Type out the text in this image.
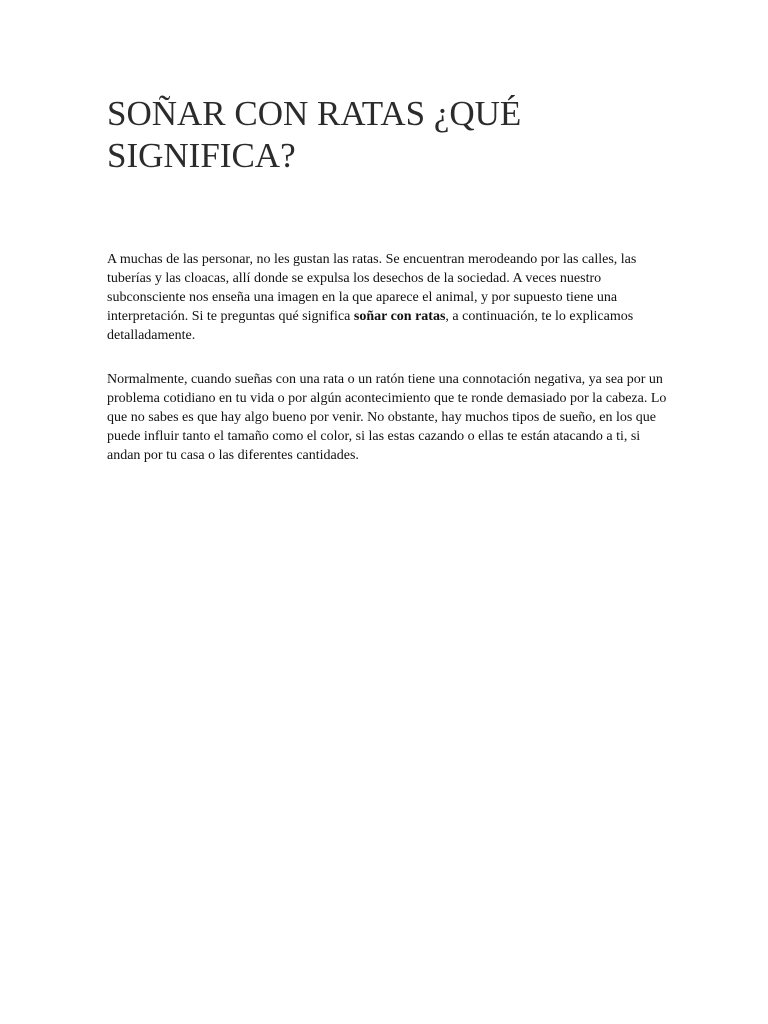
SOÑAR CON RATAS ¿QUÉ SIGNIFICA?

A muchas de las personar, no les gustan las ratas. Se encuentran merodeando por las calles, las tuberías y las cloacas, allí donde se expulsa los desechos de la sociedad. A veces nuestro subconsciente nos enseña una imagen en la que aparece el animal, y por supuesto tiene una interpretación. Si te preguntas qué significa soñar con ratas, a continuación, te lo explicamos detalladamente.

Normalmente, cuando sueñas con una rata o un ratón tiene una connotación negativa, ya sea por un problema cotidiano en tu vida o por algún acontecimiento que te ronde demasiado por la cabeza. Lo que no sabes es que hay algo bueno por venir. No obstante, hay muchos tipos de sueño, en los que puede influir tanto el tamaño como el color, si las estas cazando o ellas te están atacando a ti, si andan por tu casa o las diferentes cantidades.
